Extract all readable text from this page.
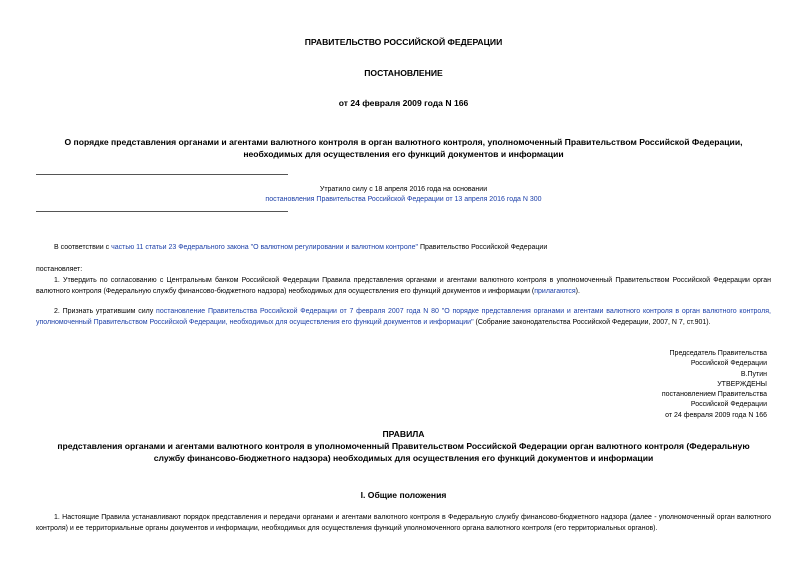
ПРАВИТЕЛЬСТВО РОССИЙСКОЙ ФЕДЕРАЦИИ
ПОСТАНОВЛЕНИЕ
от 24 февраля 2009 года N 166
О порядке представления органами и агентами валютного контроля в орган валютного контроля, уполномоченный Правительством Российской Федерации,
необходимых для осуществления его функций документов и информации
Утратило силу с 18 апреля 2016 года на основании
постановления Правительства Российской Федерации от 13 апреля 2016 года N 300
В соответствии с частью 11 статьи 23 Федерального закона "О валютном регулировании и валютном контроле" Правительство Российской Федерации
постановляет:
1. Утвердить по согласованию с Центральным банком Российской Федерации Правила представления органами и агентами валютного контроля в уполномоченный Правительством Российской Федерации орган валютного контроля (Федеральную службу финансово-бюджетного надзора) необходимых для осуществления его функций документов и информации (прилагаются).
2. Признать утратившим силу постановление Правительства Российской Федерации от 7 февраля 2007 года N 80 "О порядке представления органами и агентами валютного контроля в орган валютного контроля, уполномоченный Правительством Российской Федерации, необходимых для осуществления его функций документов и информации" (Собрание законодательства Российской Федерации, 2007, N 7, ст.901).
Председатель Правительства
Российской Федерации
В.Путин
УТВЕРЖДЕНЫ
постановлением Правительства
Российской Федерации
от 24 февраля 2009 года N 166
ПРАВИЛА
представления органами и агентами валютного контроля в уполномоченный Правительством Российской Федерации орган валютного контроля (Федеральную
службу финансово-бюджетного надзора) необходимых для осуществления его функций документов и информации
I. Общие положения
1. Настоящие Правила устанавливают порядок представления и передачи органами и агентами валютного контроля в Федеральную службу финансово-бюджетного надзора (далее - уполномоченный орган валютного контроля) и ее территориальные органы документов и информации, необходимых для осуществления функций уполномоченного органа валютного контроля (его территориальных органов).
